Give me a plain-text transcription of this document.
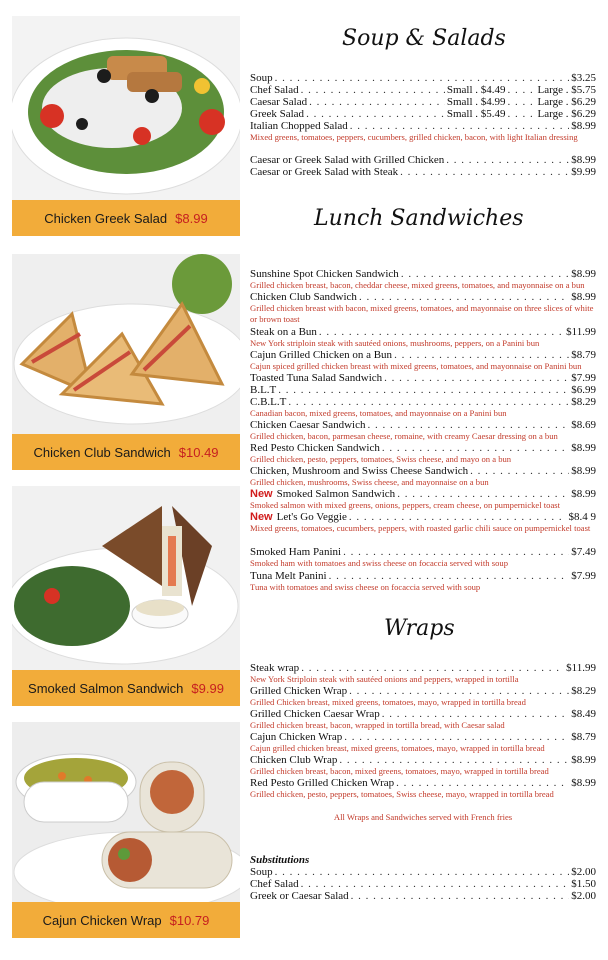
Chicken Greek Salad $8.99
Chicken Club Sandwich $10.49
Smoked Salmon Sandwich $9.99
Cajun Chicken Wrap $10.79
Soup & Salads
Soup . . .	$3.25
Chef Salad . . .	Small . $4.49 . . .	Large . $5.75
Caesar Salad . . .	Small . $4.99 . . .	Large . $6.29
Greek Salad . . .	Small . $5.49 . . .	Large . $6.29
Italian Chopped Salad . . .	$8.99
Mixed greens, tomatoes, peppers, cucumbers, grilled chicken, bacon, with light Italian dressing
Caesar or Greek Salad with Grilled Chicken . . .	$8.99
Caesar or Greek Salad with Steak . . .	$9.99
Lunch Sandwiches
Sunshine Spot Chicken Sandwich . . .	$8.99
Grilled chicken breast, bacon, cheddar cheese, mixed greens, tomatoes, and mayonnaise on a bun
Chicken Club Sandwich . . .	$8.99
Grilled chicken breast with bacon, mixed greens, tomatoes, and mayonnaise on three slices of white or brown toast
Steak on a Bun . . .	$11.99
New York striploin steak with sautéed onions, mushrooms, peppers, on a Panini bun
Cajun Grilled Chicken on a Bun . . .	$8.79
Cajun spiced grilled chicken breast with mixed greens, tomatoes, and mayonnaise on Panini bun
Toasted Tuna Salad Sandwich . . .	$7.99
B.L.T . . .	$6.99
C.B.L.T . . .	$8.29
Canadian bacon, mixed greens, tomatoes, and mayonnaise on a Panini bun
Chicken Caesar Sandwich . . .	$8.69
Grilled chicken, bacon, parmesan cheese, romaine, with creamy Caesar dressing on a bun
Red Pesto Chicken Sandwich . . .	$8.99
Grilled chicken, pesto, peppers, tomatoes, Swiss cheese, and mayo on a bun
Chicken, Mushroom and Swiss Cheese Sandwich . . .	$8.99
Grilled chicken, mushrooms, Swiss cheese, and mayonnaise on a bun
New Smoked Salmon Sandwich . . .	$8.99
Smoked salmon with mixed greens, onions, peppers, cream cheese, on pumpernickel toast
New Let's Go Veggie . . .	$8.4 9
Mixed greens, tomatoes, cucumbers, peppers, with roasted garlic chili sauce on pumpernickel toast
Smoked Ham Panini . . .	$7.49
Smoked ham with tomatoes and swiss cheese on focaccia served with soup
Tuna Melt Panini . . .	$7.99
Tuna with tomatoes and swiss cheese on focaccia served with soup
Wraps
Steak wrap . . .	$11.99
New York Striploin steak with sautéed onions and peppers, wrapped in tortilla
Grilled Chicken Wrap . . .	$8.29
Grilled Chicken breast, mixed greens, tomatoes, mayo, wrapped in tortilla bread
Grilled Chicken Caesar Wrap . . .	$8.49
Grilled chicken breast, bacon, wrapped in tortilla bread, with Caesar salad
Cajun Chicken Wrap . . .	$8.79
Cajun grilled chicken breast, mixed greens, tomatoes, mayo, wrapped in tortilla bread
Chicken Club Wrap . . .	$8.99
Grilled chicken breast, bacon, mixed greens, tomatoes, mayo, wrapped in tortilla bread
Red Pesto Grilled Chicken Wrap . . .	$8.99
Grilled chicken, pesto, peppers, tomatoes, Swiss cheese, mayo, wrapped in tortilla bread
All Wraps and Sandwiches served with French fries
Substitutions
Soup . . .	$2.00
Chef Salad . . .	$1.50
Greek or Caesar Salad . . .	$2.00
